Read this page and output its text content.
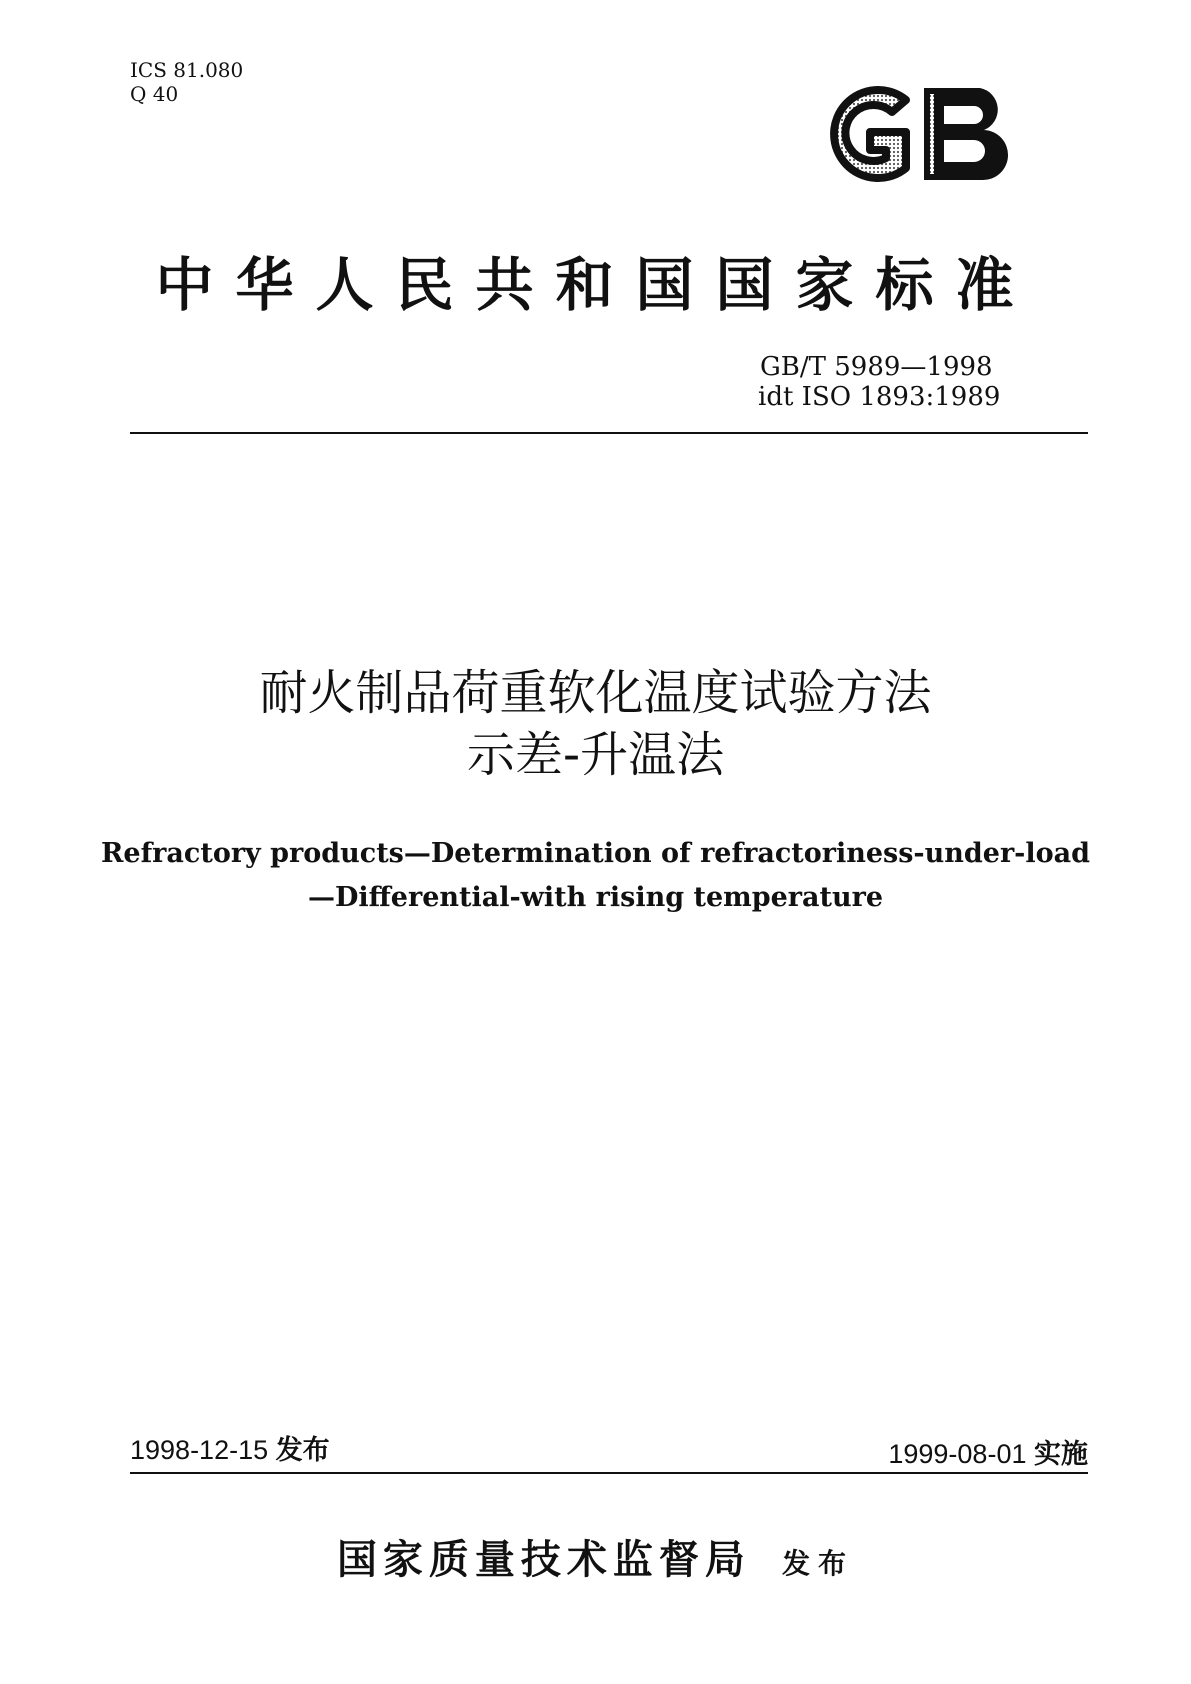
ICS 81.080
Q 40
中华人民共和国国家标准
GB/T 5989—1998
idt ISO 1893:1989
耐火制品荷重软化温度试验方法
示差-升温法
Refractory products—Determination of refractoriness-under-load
—Differential-with rising temperature
1998-12-15 发布	1999-08-01 实施
国家质量技术监督局 发布
